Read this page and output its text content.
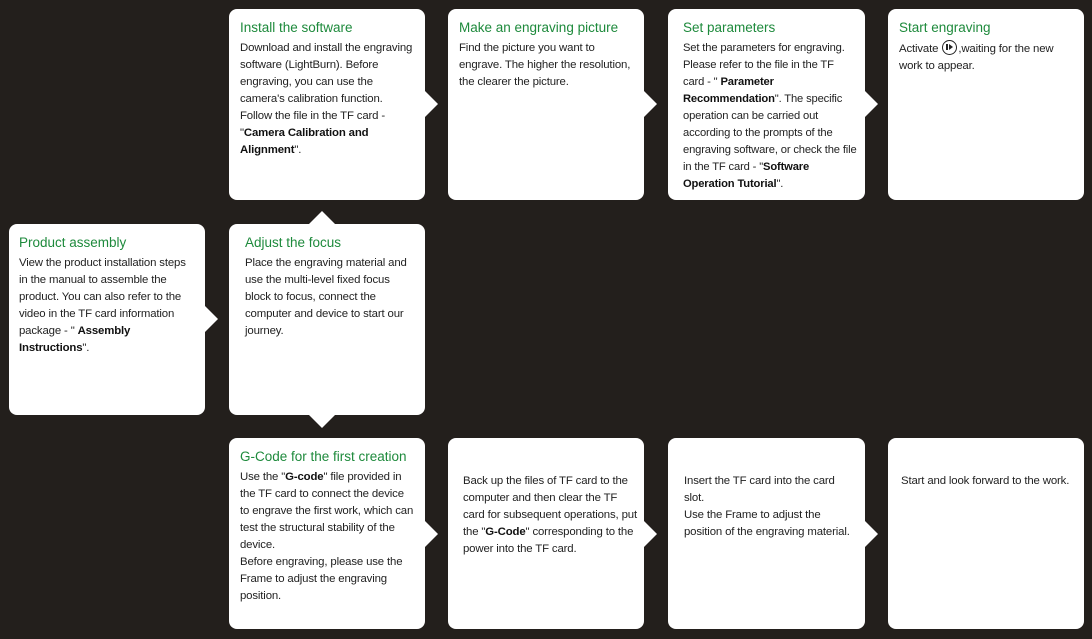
Install the software

Download and install the engraving software (LightBurn). Before engraving, you can use the camera's calibration function. Follow the file in the TF card - "Camera Calibration and Alignment".

Make an engraving picture

Find the picture you want to engrave. The higher the resolution, the clearer the picture.

Set parameters

Set the parameters for engraving. Please refer to the file in the TF card - " Parameter Recommendation". The specific operation can be carried out according to the prompts of the engraving software, or check the file in the TF card - "Software Operation Tutorial".

Start engraving

Activate ,waiting for the new work to appear.

Product assembly

View the product installation steps in the manual to assemble the product. You can also refer to the video in the TF card information package - " Assembly Instructions".

Adjust the focus

Place the engraving material and use the multi-level fixed focus block to focus, connect the computer and device to start our journey.

G-Code for the first creation

Use the "G-code" file provided in the TF card to connect the device to engrave the first work, which can test the structural stability of the device.
Before engraving, please use the Frame to adjust the engraving position.

Back up the files of TF card to the computer and then clear the TF card for subsequent operations, put the "G-Code" corresponding to the power into the TF card.

Insert the TF card into the card slot.
Use the Frame to adjust the position of the engraving material.

Start and look forward to the work.
